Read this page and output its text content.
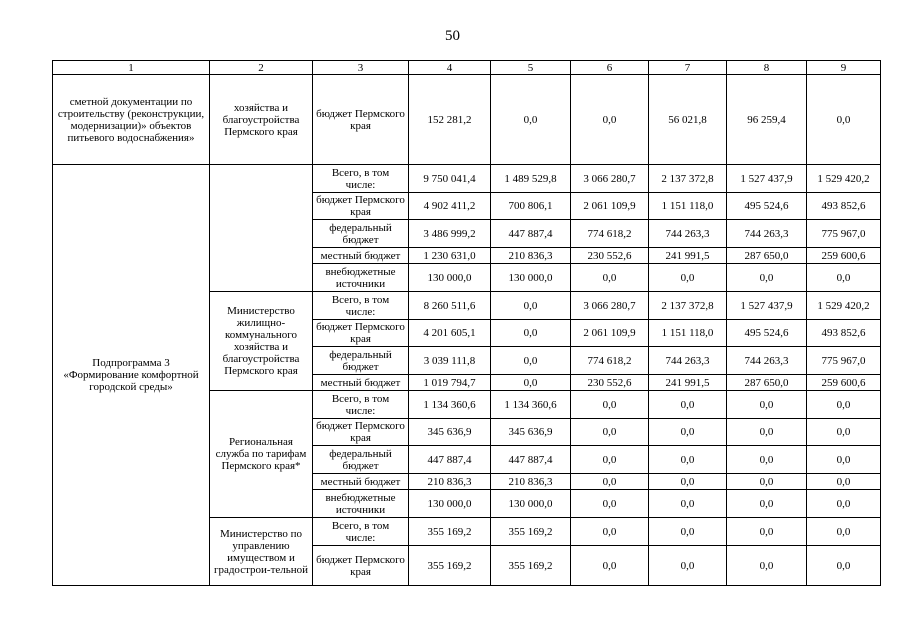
50
1	2	3	4	5	6	7	8	9
сметной документации по строительству (реконструкции, модернизации)» объектов питьевого водоснабжения»	хозяйства и благоустройства Пермского края	бюджет Пермского края	152 281,2	0,0	0,0	56 021,8	96 259,4	0,0
Подпрограмма 3 «Формирование комфортной городской среды»		Всего, в том числе:	9 750 041,4	1 489 529,8	3 066 280,7	2 137 372,8	1 527 437,9	1 529 420,2
		бюджет Пермского края	4 902 411,2	700 806,1	2 061 109,9	1 151 118,0	495 524,6	493 852,6
		федеральный бюджет	3 486 999,2	447 887,4	774 618,2	744 263,3	744 263,3	775 967,0
		местный бюджет	1 230 631,0	210 836,3	230 552,6	241 991,5	287 650,0	259 600,6
		внебюджетные источники	130 000,0	130 000,0	0,0	0,0	0,0	0,0
	Министерство жилищно-коммунального хозяйства и благоустройства Пермского края	Всего, в том числе:	8 260 511,6	0,0	3 066 280,7	2 137 372,8	1 527 437,9	1 529 420,2
		бюджет Пермского края	4 201 605,1	0,0	2 061 109,9	1 151 118,0	495 524,6	493 852,6
		федеральный бюджет	3 039 111,8	0,0	774 618,2	744 263,3	744 263,3	775 967,0
		местный бюджет	1 019 794,7	0,0	230 552,6	241 991,5	287 650,0	259 600,6
	Региональная служба по тарифам Пермского края*	Всего, в том числе:	1 134 360,6	1 134 360,6	0,0	0,0	0,0	0,0
		бюджет Пермского края	345 636,9	345 636,9	0,0	0,0	0,0	0,0
		федеральный бюджет	447 887,4	447 887,4	0,0	0,0	0,0	0,0
		местный бюджет	210 836,3	210 836,3	0,0	0,0	0,0	0,0
		внебюджетные источники	130 000,0	130 000,0	0,0	0,0	0,0	0,0
	Министерство по управлению имуществом и градострои-тельной	Всего, в том числе:	355 169,2	355 169,2	0,0	0,0	0,0	0,0
		бюджет Пермского края	355 169,2	355 169,2	0,0	0,0	0,0	0,0
